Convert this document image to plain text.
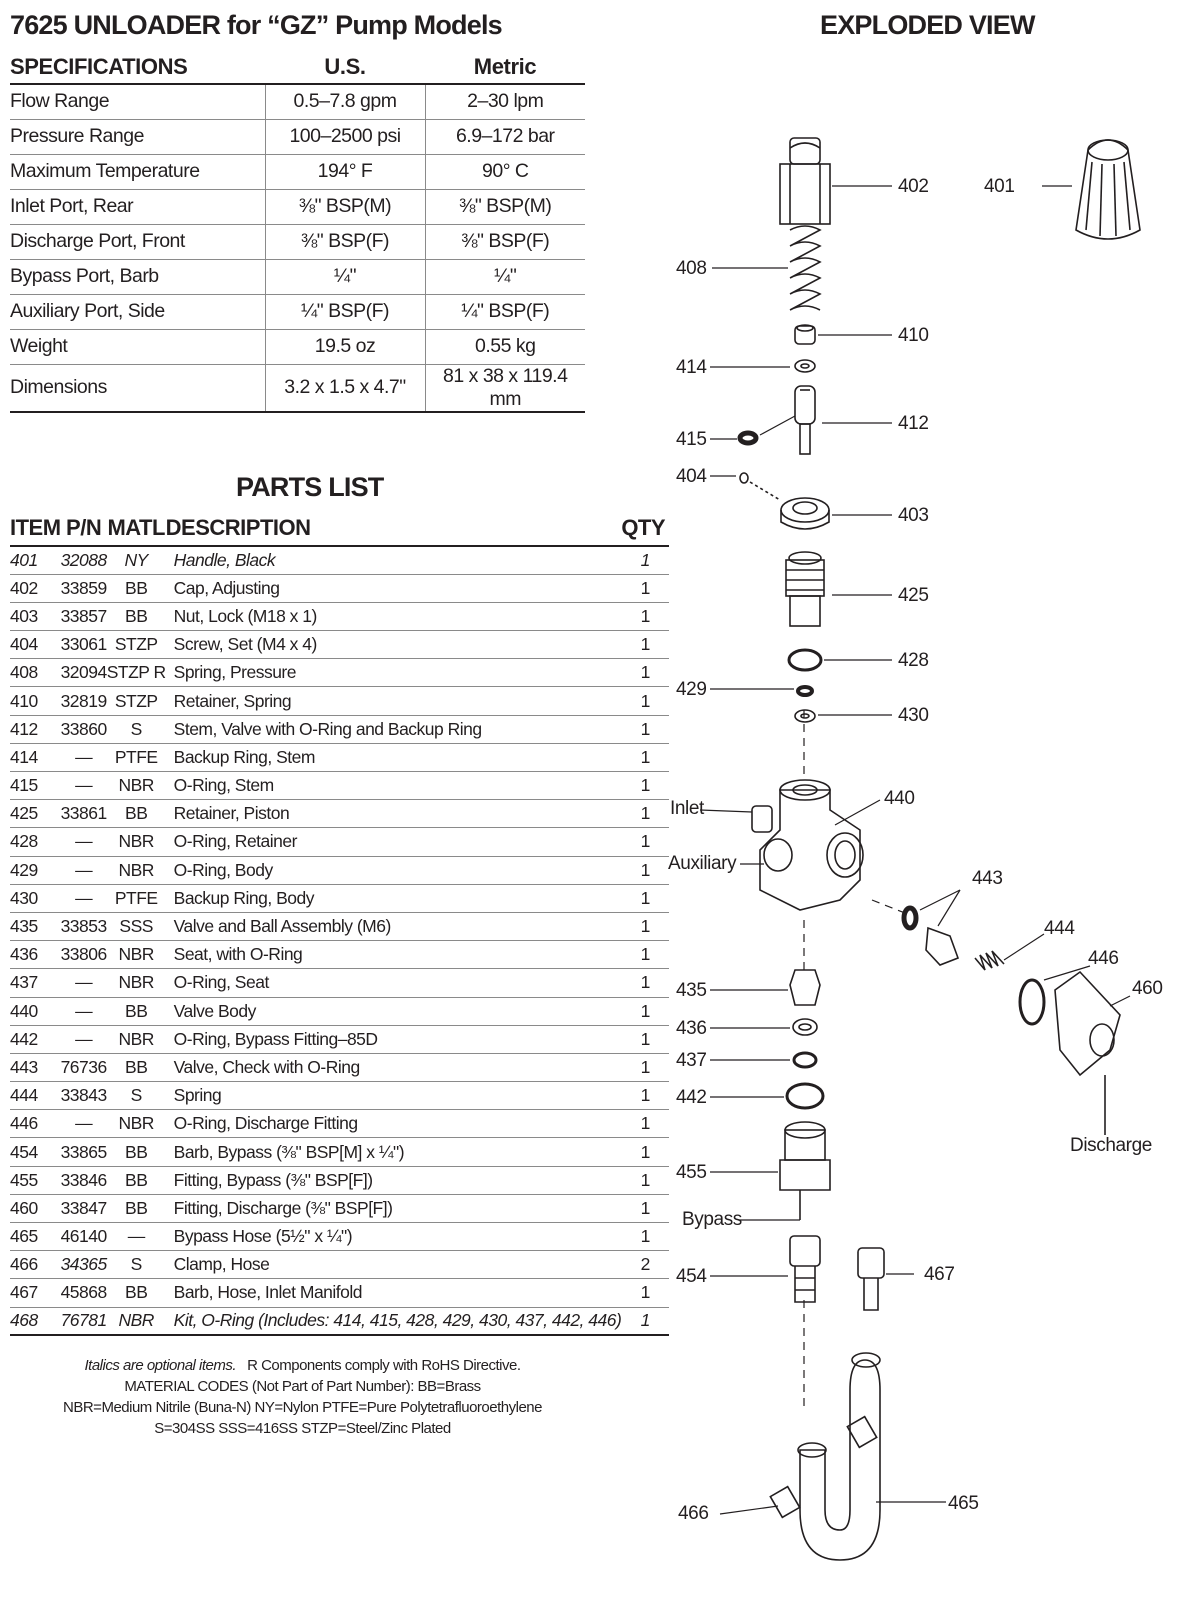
7625 UNLOADER for “GZ” Pump Models	EXPLODED VIEW
SPECIFICATIONS	U.S.	Metric
Flow Range	0.5–7.8 gpm	2–30 lpm
Pressure Range	100–2500 psi	6.9–172 bar
Maximum Temperature	194° F	90° C
Inlet Port, Rear	⅜" BSP(M)	⅜" BSP(M)
Discharge Port, Front	⅜" BSP(F)	⅜" BSP(F)
Bypass Port, Barb	¼"	¼"
Auxiliary Port, Side	¼" BSP(F)	¼" BSP(F)
Weight	19.5 oz	0.55 kg
Dimensions	3.2 x 1.5 x 4.7"	81 x 38 x 119.4 mm
PARTS LIST
ITEM	P/N	MATL	DESCRIPTION	QTY
401	32088	NY	Handle, Black	1
402	33859	BB	Cap, Adjusting	1
403	33857	BB	Nut, Lock (M18 x 1)	1
404	33061	STZP	Screw, Set (M4 x 4)	1
408	32094	STZP R	Spring, Pressure	1
410	32819	STZP	Retainer, Spring	1
412	33860	S	Stem, Valve with O-Ring and Backup Ring	1
414	—	PTFE	Backup Ring, Stem	1
415	—	NBR	O-Ring, Stem	1
425	33861	BB	Retainer, Piston	1
428	—	NBR	O-Ring, Retainer	1
429	—	NBR	O-Ring, Body	1
430	—	PTFE	Backup Ring, Body	1
435	33853	SSS	Valve and Ball Assembly (M6)	1
436	33806	NBR	Seat, with O-Ring	1
437	—	NBR	O-Ring, Seat	1
440	—	BB	Valve Body	1
442	—	NBR	O-Ring, Bypass Fitting–85D	1
443	76736	BB	Valve, Check with O-Ring	1
444	33843	S	Spring	1
446	—	NBR	O-Ring, Discharge Fitting	1
454	33865	BB	Barb, Bypass (⅜" BSP[M] x ¼")	1
455	33846	BB	Fitting, Bypass (⅜" BSP[F])	1
460	33847	BB	Fitting, Discharge (⅜" BSP[F])	1
465	46140	—	Bypass Hose (5½" x ¼")	1
466	34365	S	Clamp, Hose	2
467	45868	BB	Barb, Hose, Inlet Manifold	1
468	76781	NBR	Kit, O-Ring (Includes: 414, 415, 428, 429, 430, 437, 442, 446)	1
Italics are optional items. R Components comply with RoHS Directive.
MATERIAL CODES (Not Part of Part Number): BB=Brass
NBR=Medium Nitrile (Buna-N) NY=Nylon PTFE=Pure Polytetrafluoroethylene
S=304SS SSS=416SS STZP=Steel/Zinc Plated
402	401
408
410
414
412
415
404
403
425
428
429
430
440
Inlet
Auxiliary
443
444
446
460
435
436
437
442
Discharge
455
Bypass
454	467
465
466
